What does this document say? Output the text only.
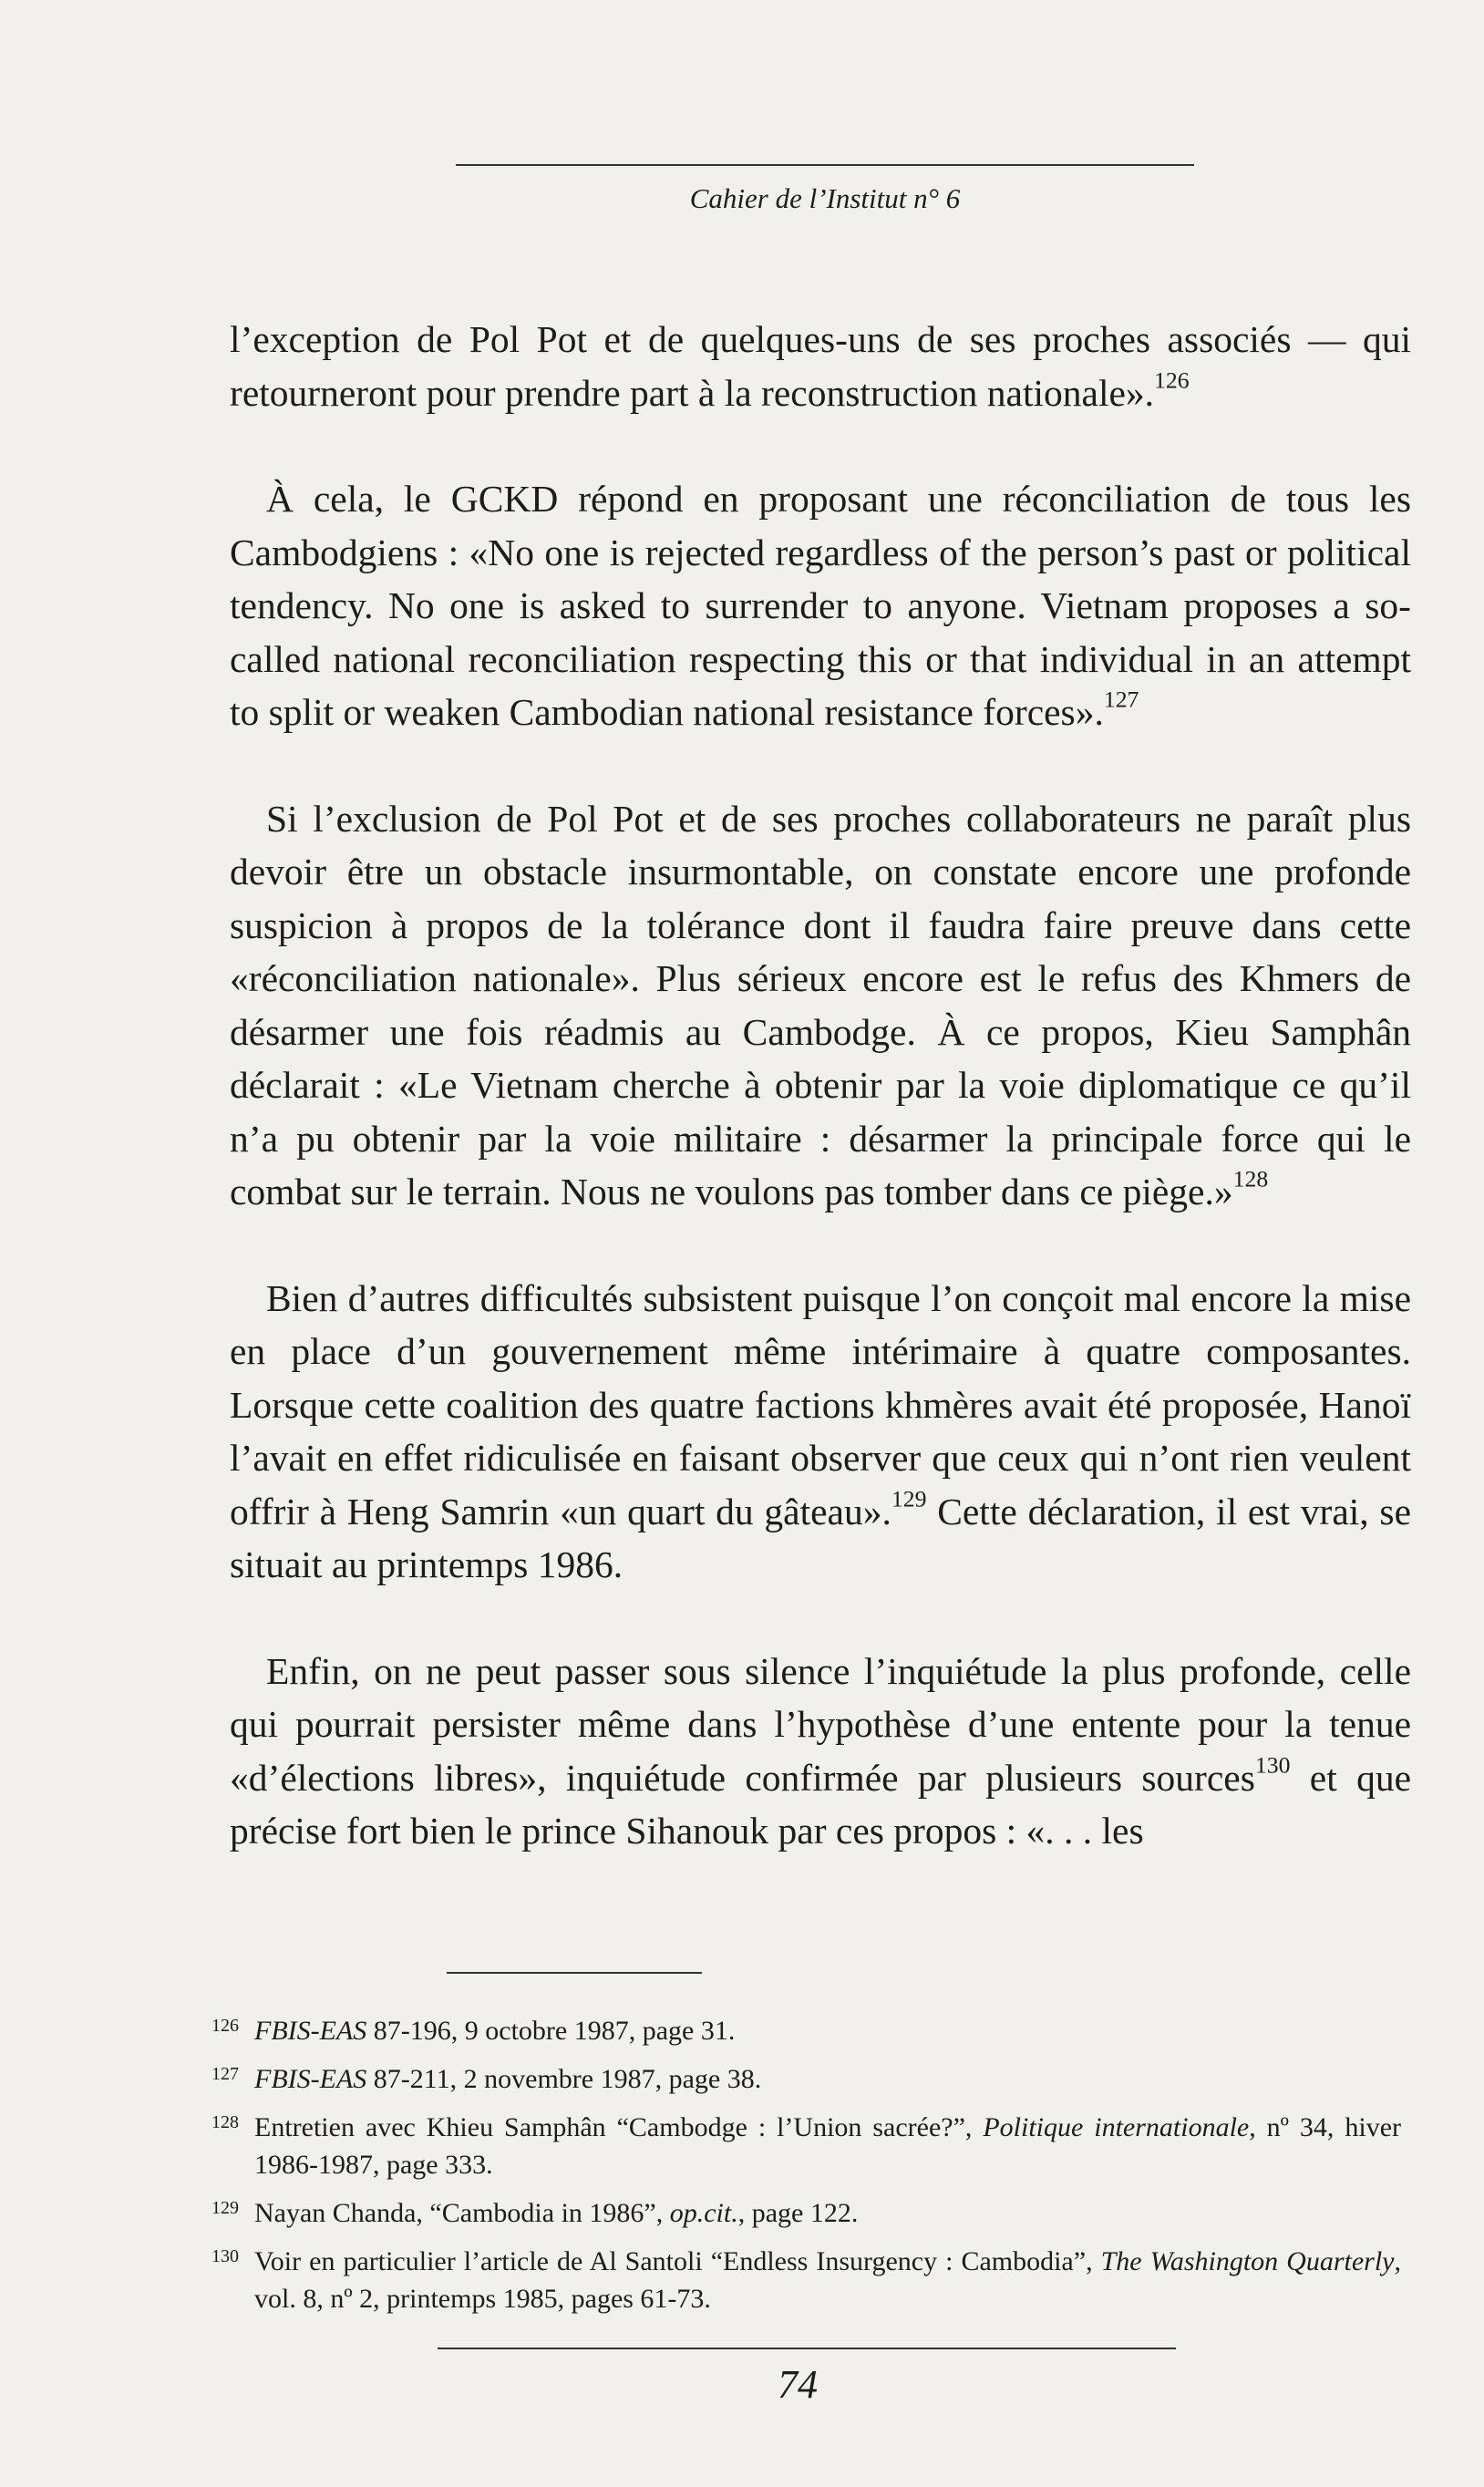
Cahier de l’Institut n° 6

l’exception de Pol Pot et de quelques-uns de ses proches associés — qui retourneront pour prendre part à la reconstruction nationale».$^{126}$

À cela, le GCKD répond en proposant une réconciliation de tous les Cambodgiens : «No one is rejected regardless of the person’s past or political tendency. No one is asked to surrender to anyone. Vietnam proposes a so-called national reconciliation respecting this or that individual in an attempt to split or weaken Cambodian national resistance forces».$^{127}$

Si l’exclusion de Pol Pot et de ses proches collaborateurs ne paraît plus devoir être un obstacle insurmontable, on constate encore une profonde suspicion à propos de la tolérance dont il faudra faire preuve dans cette «réconciliation nationale». Plus sérieux encore est le refus des Khmers de désarmer une fois réadmis au Cambodge. À ce propos, Kieu Samphân déclarait : «Le Vietnam cherche à obtenir par la voie diplomatique ce qu’il n’a pu obtenir par la voie militaire : désarmer la principale force qui le combat sur le terrain. Nous ne voulons pas tomber dans ce piège.»$^{128}$

Bien d’autres difficultés subsistent puisque l’on conçoit mal encore la mise en place d’un gouvernement même intérimaire à quatre composantes. Lorsque cette coalition des quatre factions khmères avait été proposée, Hanoï l’avait en effet ridiculisée en faisant observer que ceux qui n’ont rien veulent offrir à Heng Samrin «un quart du gâteau».$^{129}$ Cette déclaration, il est vrai, se situait au printemps 1986.

Enfin, on ne peut passer sous silence l’inquiétude la plus profonde, celle qui pourrait persister même dans l’hypothèse d’une entente pour la tenue «d’élections libres», inquiétude confirmée par plusieurs sources$^{130}$ et que précise fort bien le prince Sihanouk par ces propos : «. . . les

126 FBIS-EAS 87-196, 9 octobre 1987, page 31.
127 FBIS-EAS 87-211, 2 novembre 1987, page 38.
128 Entretien avec Khieu Samphân “Cambodge : l’Union sacrée?”, Politique internationale, nº 34, hiver 1986-1987, page 333.
129 Nayan Chanda, “Cambodia in 1986”, op.cit., page 122.
130 Voir en particulier l’article de Al Santoli “Endless Insurgency : Cambodia”, The Washington Quarterly, vol. 8, nº 2, printemps 1985, pages 61-73.
74
